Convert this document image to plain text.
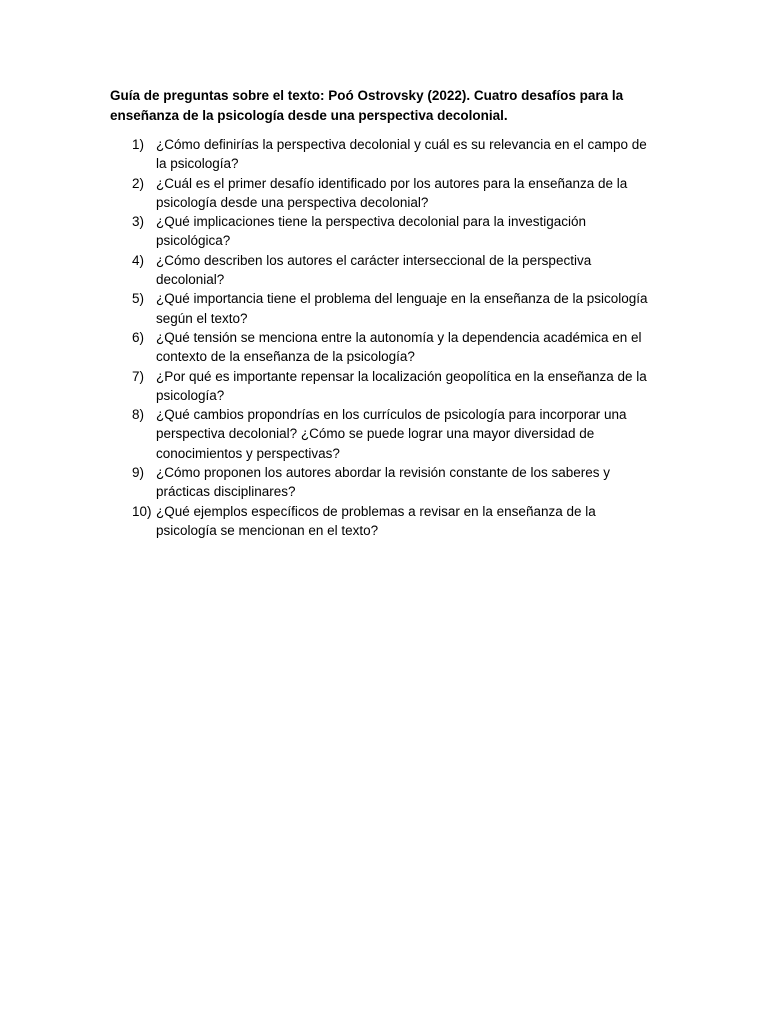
Guía de preguntas sobre el texto: Poó Ostrovsky (2022). Cuatro desafíos para la enseñanza de la psicología desde una perspectiva decolonial.

1) ¿Cómo definirías la perspectiva decolonial y cuál es su relevancia en el campo de la psicología?
2) ¿Cuál es el primer desafío identificado por los autores para la enseñanza de la psicología desde una perspectiva decolonial?
3) ¿Qué implicaciones tiene la perspectiva decolonial para la investigación psicológica?
4) ¿Cómo describen los autores el carácter interseccional de la perspectiva decolonial?
5) ¿Qué importancia tiene el problema del lenguaje en la enseñanza de la psicología según el texto?
6) ¿Qué tensión se menciona entre la autonomía y la dependencia académica en el contexto de la enseñanza de la psicología?
7) ¿Por qué es importante repensar la localización geopolítica en la enseñanza de la psicología?
8) ¿Qué cambios propondrías en los currículos de psicología para incorporar una perspectiva decolonial? ¿Cómo se puede lograr una mayor diversidad de conocimientos y perspectivas?
9) ¿Cómo proponen los autores abordar la revisión constante de los saberes y prácticas disciplinares?
10) ¿Qué ejemplos específicos de problemas a revisar en la enseñanza de la psicología se mencionan en el texto?
